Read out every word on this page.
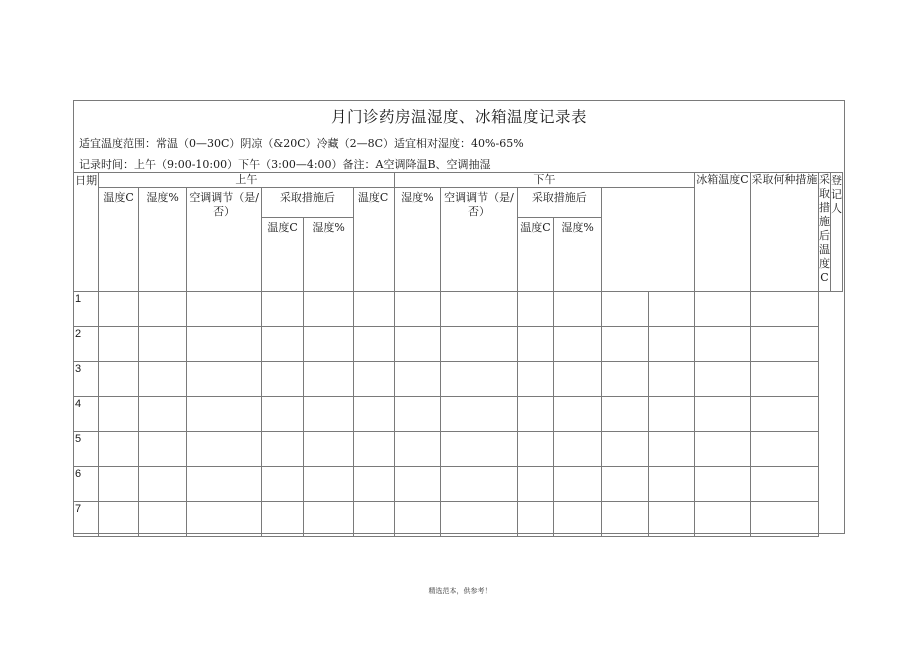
月门诊药房温湿度、冰箱温度记录表
适宜温度范围：常温（0—30C）阴凉（&20C）冷藏（2—8C）适宜相对湿度：40%-65%
记录时间：上午（9:00-10:00）下午（3:00—4:00）备注：A空调降温B、空调抽湿
日期	上午						下午						冰箱温度C	采取何种措施	采取措施后温度C	登记人
	温度C	湿度%	空调调节（是/否）	采取措施后		温度C	湿度%	空调调节（是/否）	采取措施后							
				温度C	湿度%				温度C	湿度%						
1																
2																
3																
4																
5																
6																
7																
精选范本，供参考！
